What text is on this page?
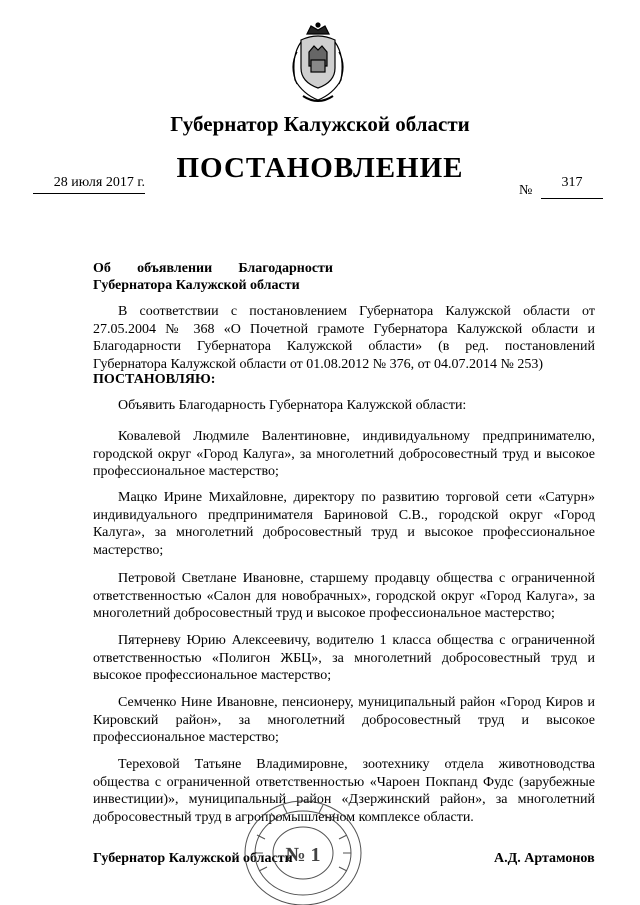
Губернатор Калужской области
ПОСТАНОВЛЕНИЕ
28 июля 2017 г.
№
317
Об объявлении Благодарности
Губернатора Калужской области
В соответствии с постановлением Губернатора Калужской области от 27.05.2004 № 368 «О Почетной грамоте Губернатора Калужской области и Благодарности Губернатора Калужской области» (в ред. постановлений Губернатора Калужской области от 01.08.2012 № 376, от 04.07.2014 № 253)
ПОСТАНОВЛЯЮ:
Объявить Благодарность Губернатора Калужской области:
Ковалевой Людмиле Валентиновне, индивидуальному предпринимателю, городской округ «Город Калуга», за многолетний добросовестный труд и высокое профессиональное мастерство;
Мацко Ирине Михайловне, директору по развитию торговой сети «Сатурн» индивидуального предпринимателя Бариновой С.В., городской округ «Город Калуга», за многолетний добросовестный труд и высокое профессиональное мастерство;
Петровой Светлане Ивановне, старшему продавцу общества с ограниченной ответственностью «Салон для новобрачных», городской округ «Город Калуга», за многолетний добросовестный труд и высокое профессиональное мастерство;
Пятерневу Юрию Алексеевичу, водителю 1 класса общества с ограниченной ответственностью «Полигон ЖБЦ», за многолетний добросовестный труд и высокое профессиональное мастерство;
Семченко Нине Ивановне, пенсионеру, муниципальный район «Город Киров и Кировский район», за многолетний добросовестный труд и высокое профессиональное мастерство;
Тереховой Татьяне Владимировне, зоотехнику отдела животноводства общества с ограниченной ответственностью «Чароен Покпанд Фудс (зарубежные инвестиции)», муниципальный район «Дзержинский район», за многолетний добросовестный труд в агропромышленном комплексе области.
Губернатор Калужской области	А.Д. Артамонов
№ 1
